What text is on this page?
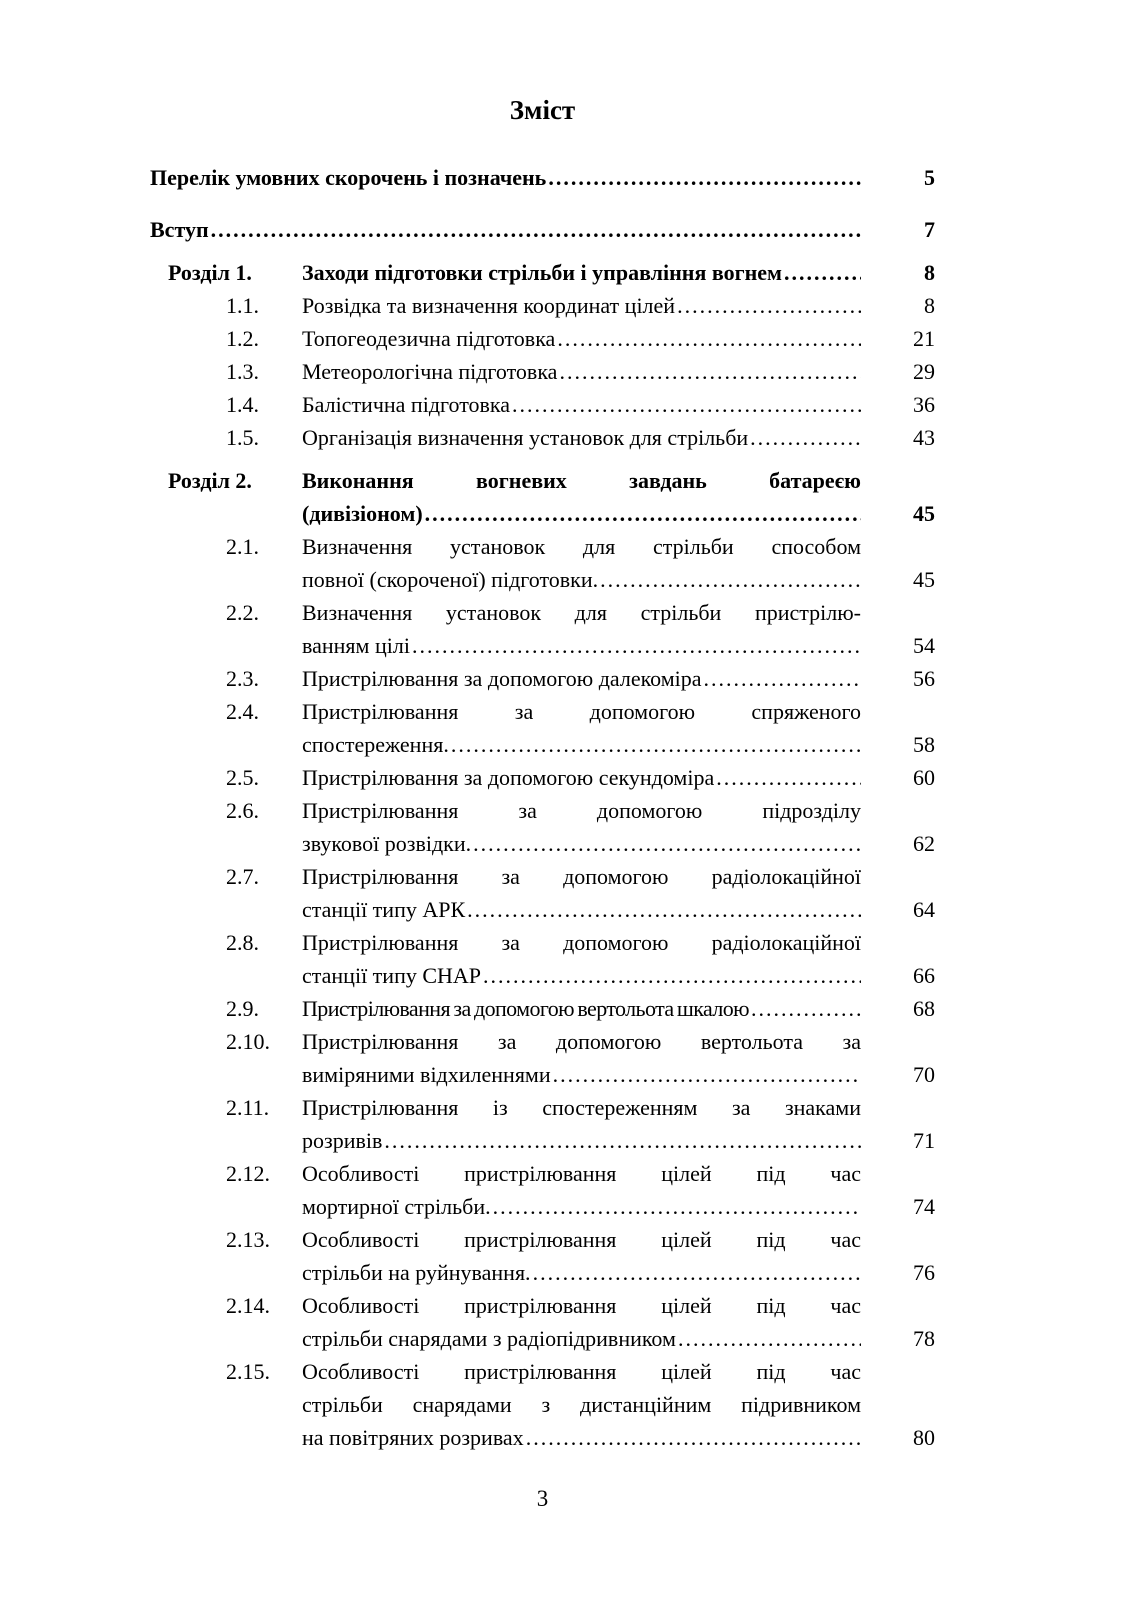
Зміст
Перелік умовних скорочень і позначень .....	5
Вступ .....	7
Розділ 1.	Заходи підготовки стрільби і управління вогнем .....	8
1.1.	Розвідка та визначення координат цілей .....	8
1.2.	Топогеодезична підготовка .....	21
1.3.	Метеорологічна підготовка .....	29
1.4.	Балістична підготовка .....	36
1.5.	Організація визначення установок для стрільби .....	43
Розділ 2.	Виконання вогневих завдань батареєю
(дивізіоном) .....	45
2.1.	Визначення установок для стрільби способом
повної (скороченої) підготовки. .....	45
2.2.	Визначення установок для стрільби пристрілю-
ванням цілі .....	54
2.3.	Пристрілювання за допомогою далекоміра .....	56
2.4.	Пристрілювання за допомогою спряженого
спостереження. .....	58
2.5.	Пристрілювання за допомогою секундоміра .....	60
2.6.	Пристрілювання за допомогою підрозділу
звукової розвідки. .....	62
2.7.	Пристрілювання за допомогою радіолокаційної
станції типу АРК .....	64
2.8.	Пристрілювання за допомогою радіолокаційної
станції типу СНАР .....	66
2.9.	Пристрілювання за допомогою вертольота шкалою .....	68
2.10.	Пристрілювання за допомогою вертольота за
виміряними відхиленнями .....	70
2.11.	Пристрілювання із спостереженням за знаками
розривів .....	71
2.12.	Особливості пристрілювання цілей під час
мортирної стрільби. .....	74
2.13.	Особливості пристрілювання цілей під час
стрільби на руйнування. .....	76
2.14.	Особливості пристрілювання цілей під час
стрільби снарядами з радіопідривником .....	78
2.15.	Особливості пристрілювання цілей під час
стрільби снарядами з дистанційним підривником
на повітряних розривах .....	80
3
